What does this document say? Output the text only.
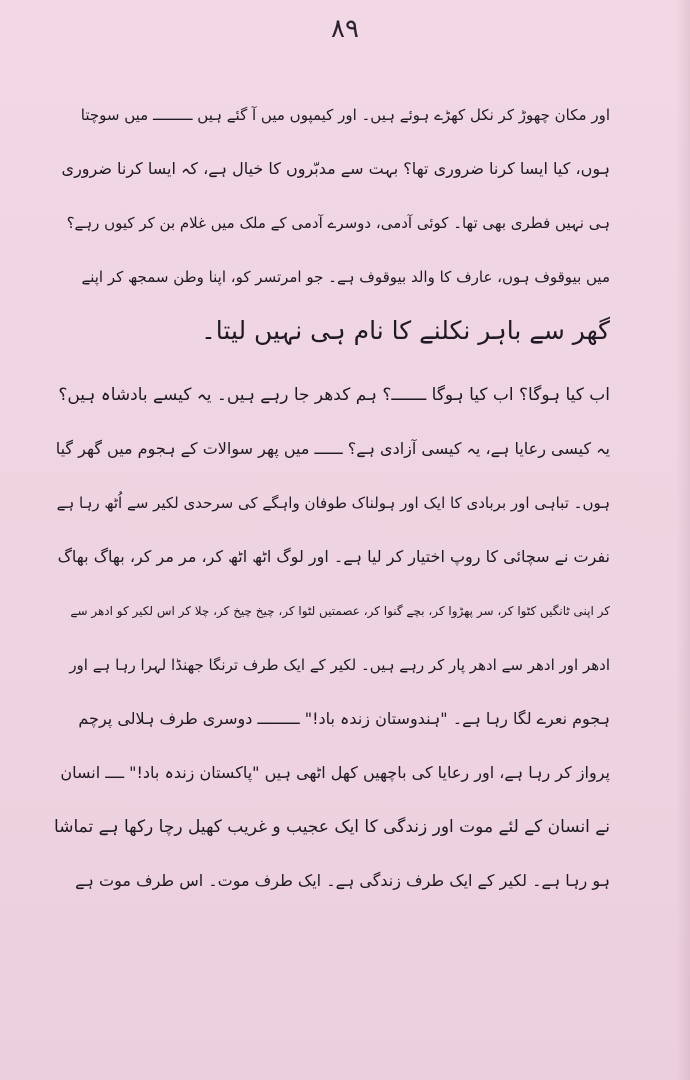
۸۹
اور مکان چھوڑ کر نکل کھڑے ہوئے ہیں۔ اور کیمپوں میں آ گئے ہیں ـــــــــ میں سوچتا
ہوں، کیا ایسا کرنا ضروری تھا؟ بہت سے مدبّروں کا خیال ہے، کہ ایسا کرنا ضروری
ہی نہیں فطری بھی تھا۔ کوئی آدمی، دوسرے آدمی کے ملک میں غلام بن کر کیوں رہے؟
میں بیوقوف ہوں، عارف کا والد بیوقوف ہے۔ جو امرتسر کو، اپنا وطن سمجھ کر اپنے
گھر سے باہر نکلنے کا نام ہی نہیں لیتا۔
اب کیا ہوگا؟ اب کیا ہوگا ـــــــ؟ ہم کدھر جا رہے ہیں۔ یہ کیسے بادشاہ ہیں؟
یہ کیسی رعایا ہے، یہ کیسی آزادی ہے؟ ــــــ میں پھر سوالات کے ہجوم میں گھر گیا
ہوں۔ تباہی اور بربادی کا ایک اور ہولناک طوفان واہگے کی سرحدی لکیر سے اُٹھ رہا ہے
نفرت نے سچائی کا روپ اختیار کر لیا ہے۔ اور لوگ اٹھ اٹھ کر، مر مر کر، بھاگ بھاگ
کر اپنی ٹانگیں کٹوا کر، سر پھڑوا کر، بچے گنوا کر، عصمتیں لٹوا کر، چیخ چیخ کر، چلا کر اس لکیر کو ادھر سے
ادھر اور ادھر سے ادھر پار کر رہے ہیں۔ لکیر کے ایک طرف ترنگا جھنڈا لہرا رہا ہے اور
ہجوم نعرے لگا رہا ہے۔ "ہندوستان زندہ باد!" ـــــــــ دوسری طرف ہلالی پرچم
پرواز کر رہا ہے، اور رعایا کی باچھیں کھل اٹھی ہیں "پاکستان زندہ باد!" ــــ انسان
نے انسان کے لئے موت اور زندگی کا ایک عجیب و غریب کھیل رچا رکھا ہے تماشا
ہو رہا ہے۔ لکیر کے ایک طرف زندگی ہے۔ ایک طرف موت۔ اس طرف موت ہے
